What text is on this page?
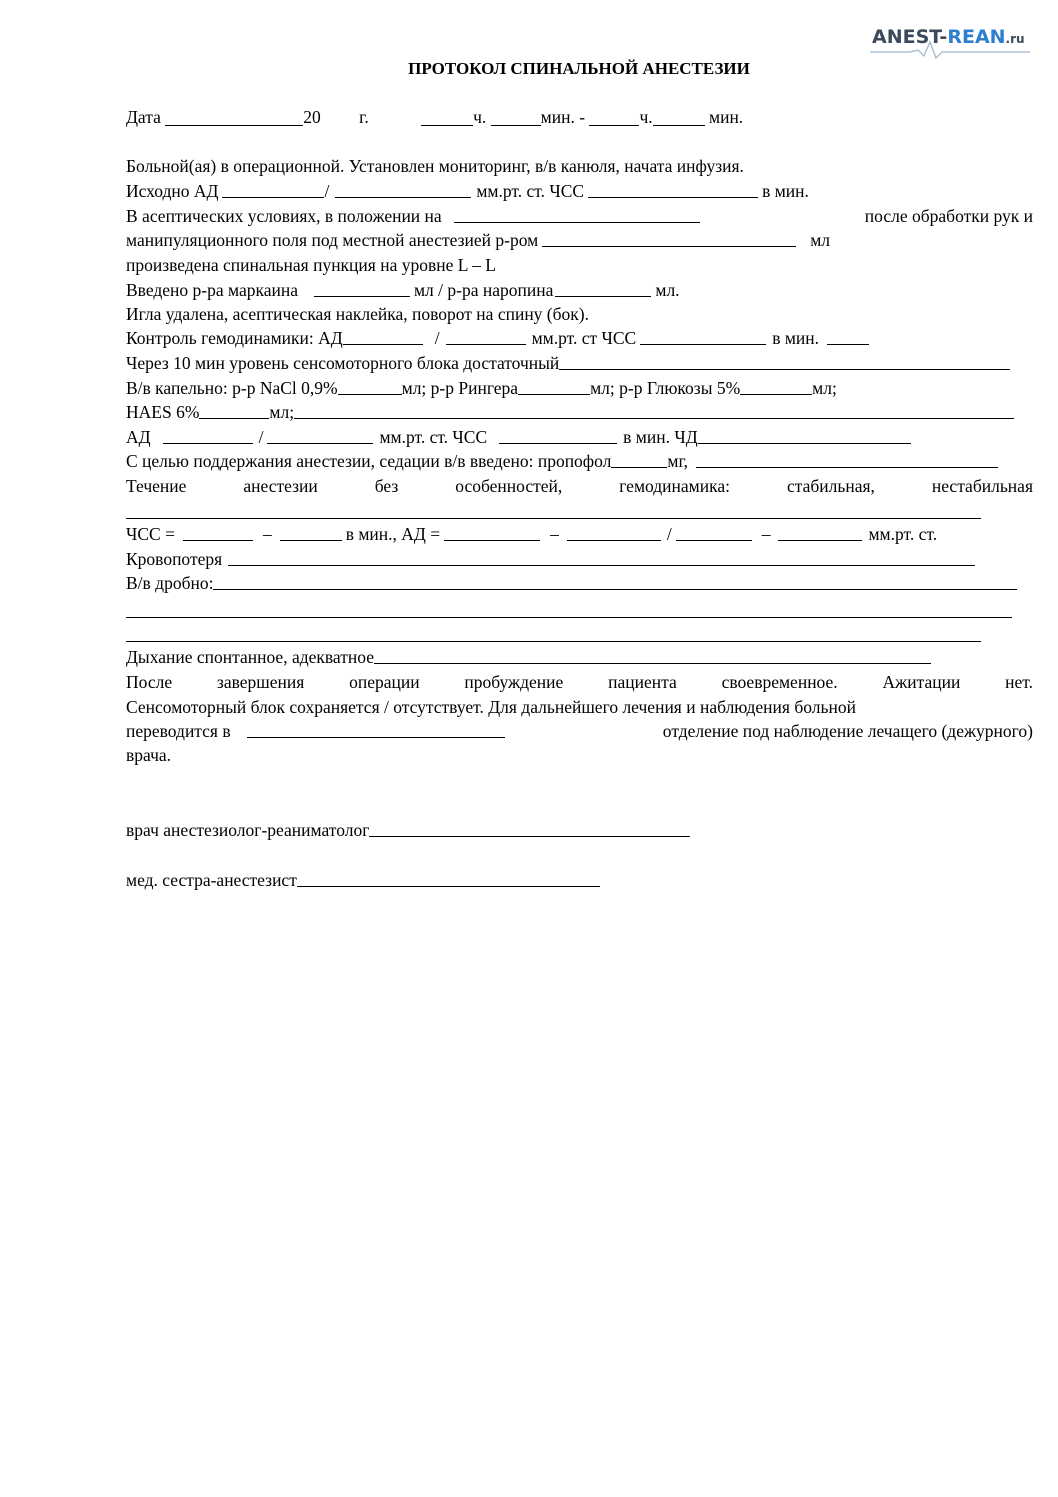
ANEST-REAN.ru
ПРОТОКОЛ СПИНАЛЬНОЙ АНЕСТЕЗИИ
Дата	20 г.	ч.	мин. -	ч.	мин.
Больной(ая) в операционной. Установлен мониторинг, в/в канюля, начата инфузия.
Исходно АД	/	мм.рт. ст. ЧСС	в мин.
В асептических условиях, в положении на	после обработки рук и
манипуляционного поля под местной анестезией р-ром	мл
произведена спинальная пункция на уровне L – L
Введено р-ра маркаина	мл / р-ра наропина	мл.
Игла удалена, асептическая наклейка, поворот на спину (бок).
Контроль гемодинамики: АД	/	мм.рт. ст ЧСС	в мин.
Через 10 мин уровень сенсомоторного блока достаточный
В/в капельно: р-р NaCl 0,9%	мл; р-р Рингера	мл; р-р Глюкозы 5%	мл;
HAES 6%	мл;
АД	/	мм.рт. ст. ЧСС	в мин. ЧД
С целью поддержания анестезии, седации в/в введено: пропофол	мг,
Течение	анестезии	без	особенностей,	гемодинамика:	стабильная,	нестабильная
ЧСС =	–	в мин., АД =	–	/	–	мм.рт. ст.
Кровопотеря
В/в дробно:
Дыхание спонтанное, адекватное
После	завершения	операции	пробуждение	пациента	своевременное.	Ажитации	нет.
Сенсомоторный блок сохраняется / отсутствует. Для дальнейшего лечения и наблюдения больной
переводится в	отделение под наблюдение лечащего (дежурного)
врача.
врач анестезиолог-реаниматолог
мед. сестра-анестезист
